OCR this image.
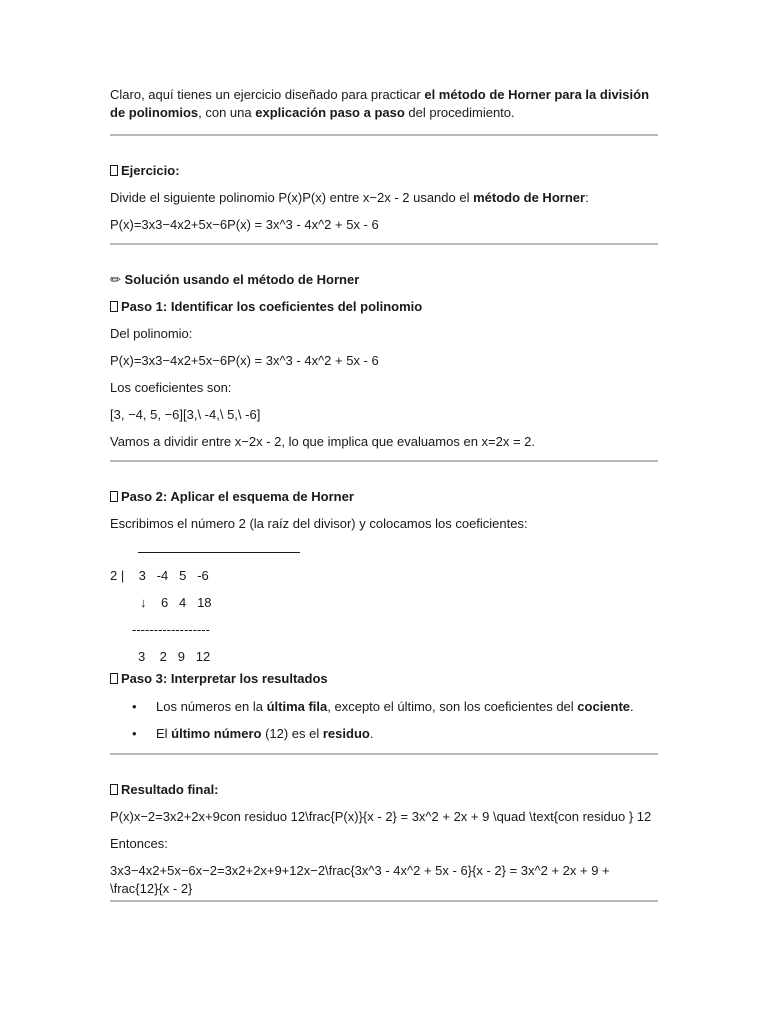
Claro, aquí tienes un ejercicio diseñado para practicar el método de Horner para la división de polinomios, con una explicación paso a paso del procedimiento.

Ejercicio:

Divide el siguiente polinomio P(x)P(x) entre x−2x - 2 usando el método de Horner:

P(x)=3x3−4x2+5x−6P(x) = 3x^3 - 4x^2 + 5x - 6

✏ Solución usando el método de Horner

Paso 1: Identificar los coeficientes del polinomio

Del polinomio:

P(x)=3x3−4x2+5x−6P(x) = 3x^3 - 4x^2 + 5x - 6

Los coeficientes son:

[3, −4, 5, −6][3,\ -4,\ 5,\ -6]

Vamos a dividir entre x−2x - 2, lo que implica que evaluamos en x=2x = 2.

Paso 2: Aplicar el esquema de Horner

Escribimos el número 2 (la raíz del divisor) y colocamos los coeficientes:

2 |    3   -4   5   -6
↓    6   4   18
------------------
3    2   9   12

Paso 3: Interpretar los resultados

• Los números en la última fila, excepto el último, son los coeficientes del cociente.
• El último número (12) es el residuo.

Resultado final:

P(x)x−2=3x2+2x+9con residuo 12\frac{P(x)}{x - 2} = 3x^2 + 2x + 9 \quad \text{con residuo } 12

Entonces:

3x3−4x2+5x−6x−2=3x2+2x+9+12x−2\frac{3x^3 - 4x^2 + 5x - 6}{x - 2} = 3x^2 + 2x + 9 + \frac{12}{x - 2}
